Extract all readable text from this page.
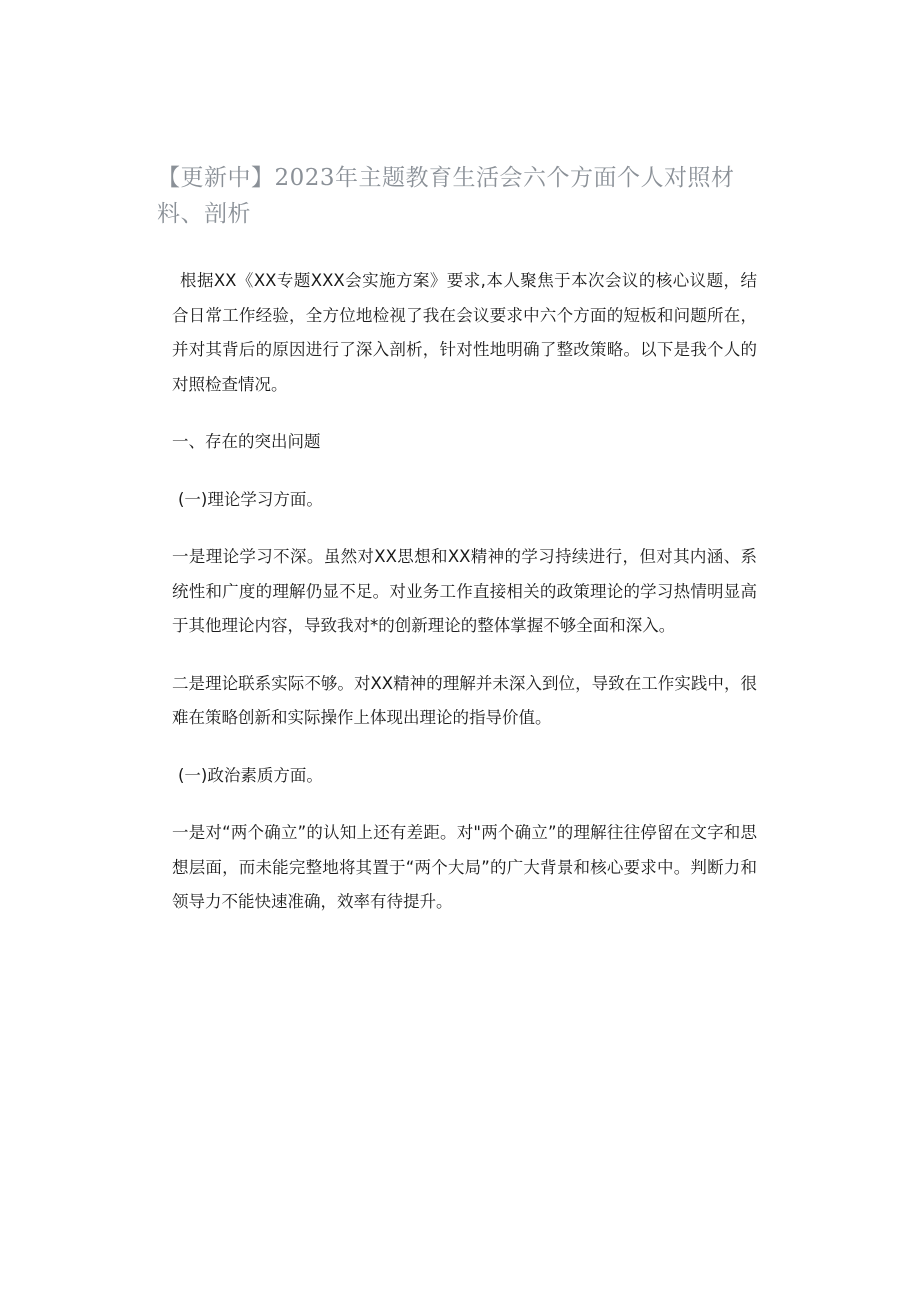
【更新中】2023年主题教育生活会六个方面个人对照材料、剖析

根据XX《XX专题XXX会实施方案》要求,本人聚焦于本次会议的核心议题，结合日常工作经验，全方位地检视了我在会议要求中六个方面的短板和问题所在，并对其背后的原因进行了深入剖析，针对性地明确了整改策略。以下是我个人的对照检查情况。

一、存在的突出问题

(一)理论学习方面。

一是理论学习不深。虽然对XX思想和XX精神的学习持续进行，但对其内涵、系统性和广度的理解仍显不足。对业务工作直接相关的政策理论的学习热情明显高于其他理论内容，导致我对*的创新理论的整体掌握不够全面和深入。

二是理论联系实际不够。对XX精神的理解并未深入到位，导致在工作实践中，很难在策略创新和实际操作上体现出理论的指导价值。

(一)政治素质方面。

一是对“两个确立”的认知上还有差距。对"两个确立”的理解往往停留在文字和思想层面，而未能完整地将其置于“两个大局”的广大背景和核心要求中。判断力和领导力不能快速准确，效率有待提升。
